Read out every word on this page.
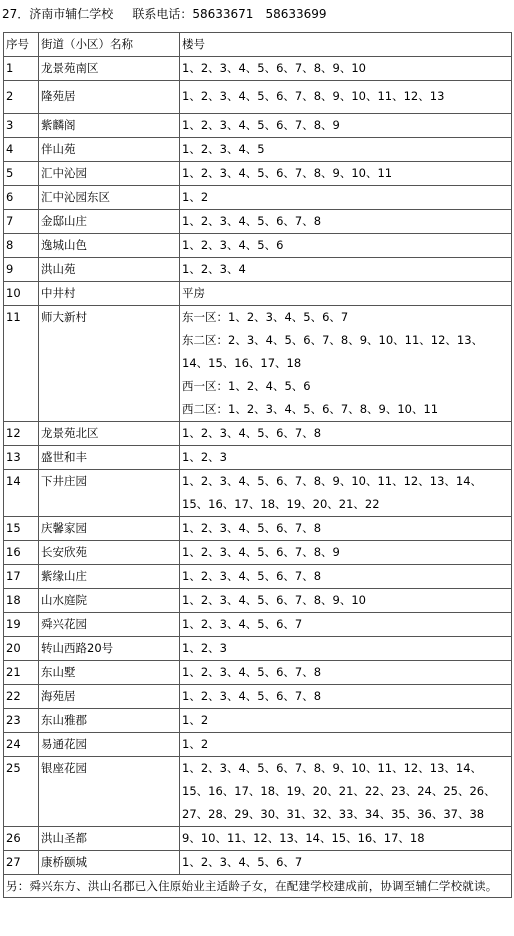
27．济南市辅仁学校 联系电话：58633671　58633699
序号	街道（小区）名称	楼号

1	龙景苑南区	1、2、3、4、5、6、7、8、9、10

2	隆苑居	1、2、3、4、5、6、7、8、9、10、11、12、13

3	紫麟阁	1、2、3、4、5、6、7、8、9

4	伴山苑	1、2、3、4、5

5	汇中沁园	1、2、3、4、5、6、7、8、9、10、11

6	汇中沁园东区	1、2

7	金邸山庄	1、2、3、4、5、6、7、8

8	逸城山色	1、2、3、4、5、6

9	洪山苑	1、2、3、4

10	中井村	平房

11	师大新村	东一区：1、2、3、4、5、6、7
东二区：2、3、4、5、6、7、8、9、10、11、12、13、
14、15、16、17、18
西一区：1、2、4、5、6
西二区：1、2、3、4、5、6、7、8、9、10、11

12	龙景苑北区	1、2、3、4、5、6、7、8

13	盛世和丰	1、2、3

14	下井庄园	1、2、3、4、5、6、7、8、9、10、11、12、13、14、
15、16、17、18、19、20、21、22

15	庆馨家园	1、2、3、4、5、6、7、8

16	长安欣苑	1、2、3、4、5、6、7、8、9

17	紫缘山庄	1、2、3、4、5、6、7、8

18	山水庭院	1、2、3、4、5、6、7、8、9、10

19	舜兴花园	1、2、3、4、5、6、7

20	转山西路20号	1、2、3

21	东山墅	1、2、3、4、5、6、7、8

22	海苑居	1、2、3、4、5、6、7、8

23	东山雅郡	1、2

24	易通花园	1、2

25	银座花园	1、2、3、4、5、6、7、8、9、10、11、12、13、14、
15、16、17、18、19、20、21、22、23、24、25、26、
27、28、29、30、31、32、33、34、35、36、37、38

26	洪山圣都	9、10、11、12、13、14、15、16、17、18

27	康桥颐城	1、2、3、4、5、6、7

另：舜兴东方、洪山名郡已入住原始业主适龄子女，在配建学校建成前，协调至辅仁学校就读。		
